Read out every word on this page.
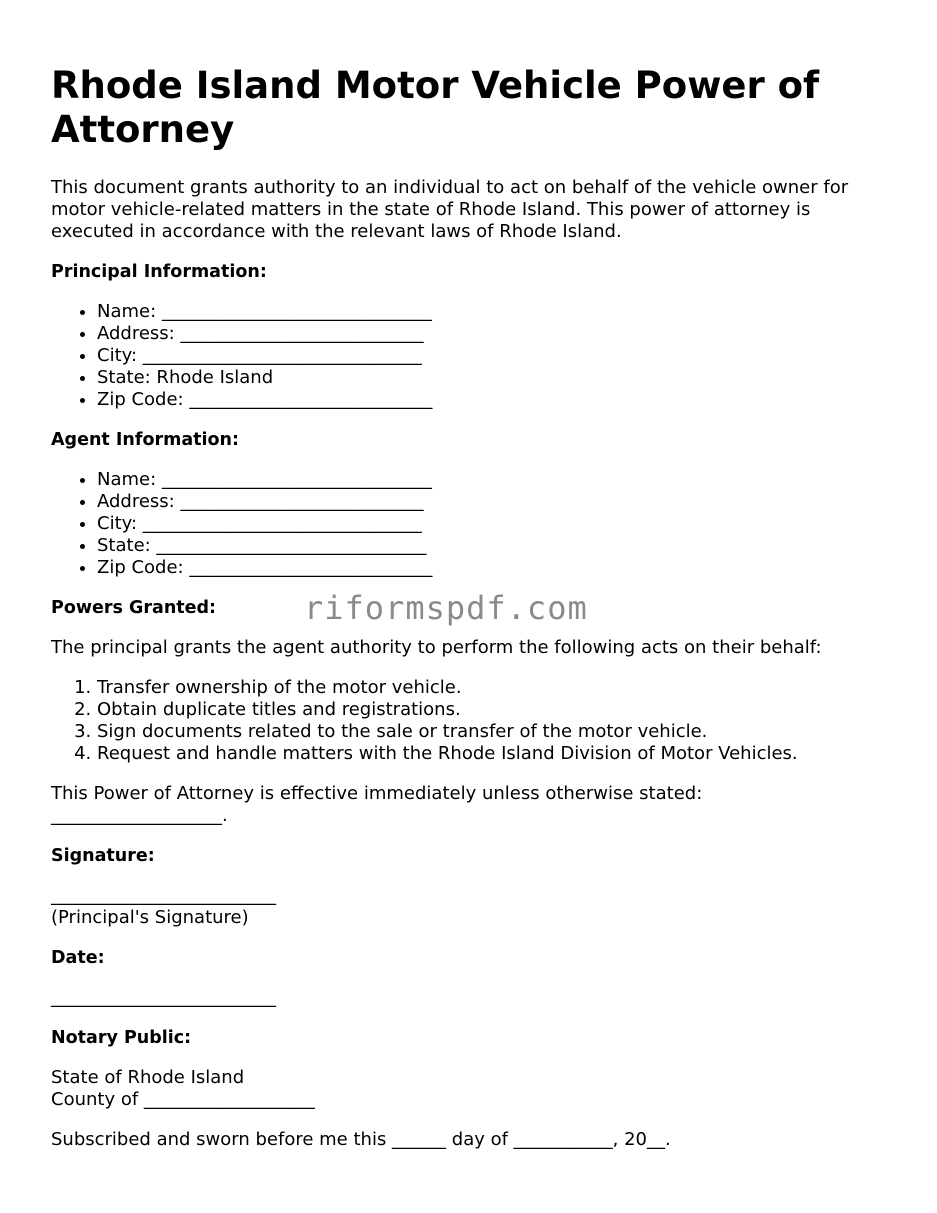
Rhode Island Motor Vehicle Power of Attorney

This document grants authority to an individual to act on behalf of the vehicle owner for motor vehicle-related matters in the state of Rhode Island. This power of attorney is executed in accordance with the relevant laws of Rhode Island.

Principal Information:
• Name: ______________________________
• Address: ___________________________
• City: _______________________________
• State: Rhode Island
• Zip Code: ___________________________
Agent Information:
• Name: ______________________________
• Address: ___________________________
• City: _______________________________
• State: ______________________________
• Zip Code: ___________________________
Powers Granted:

The principal grants the agent authority to perform the following acts on their behalf:

1. Transfer ownership of the motor vehicle.
2. Obtain duplicate titles and registrations.
3. Sign documents related to the sale or transfer of the motor vehicle.
4. Request and handle matters with the Rhode Island Division of Motor Vehicles.

This Power of Attorney is effective immediately unless otherwise stated:
___________________.

Signature:
_________________________
(Principal's Signature)
Date:
_________________________
Notary Public:

State of Rhode Island
County of ___________________

Subscribed and sworn before me this ______ day of ___________, 20__.

riformspdf.com
